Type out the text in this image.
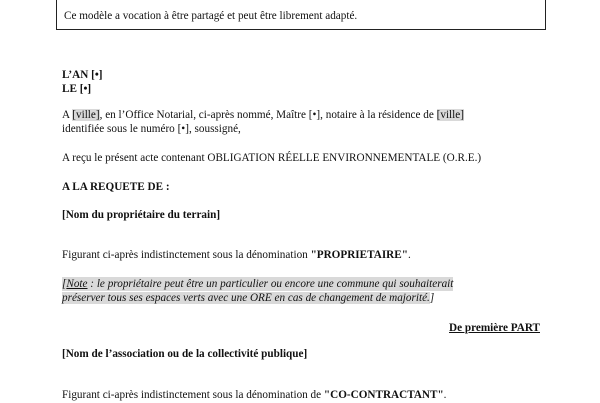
Ce modèle a vocation à être partagé et peut être librement adapté.

L’AN [•]
LE [•]
A [ville], en l’Office Notarial, ci-après nommé, Maître [•], notaire à la résidence de [ville]
identifiée sous le numéro [•], soussigné,
A reçu le présent acte contenant OBLIGATION RÉELLE ENVIRONNEMENTALE (O.R.E.)
A LA REQUETE DE :
[Nom du propriétaire du terrain]
Figurant ci-après indistinctement sous la dénomination "PROPRIETAIRE".
[Note : le propriétaire peut être un particulier ou encore une commune qui souhaiterait
préserver tous ses espaces verts avec une ORE en cas de changement de majorité.]
De première PART
[Nom de l’association ou de la collectivité publique]
Figurant ci-après indistinctement sous la dénomination de "CO-CONTRACTANT".
